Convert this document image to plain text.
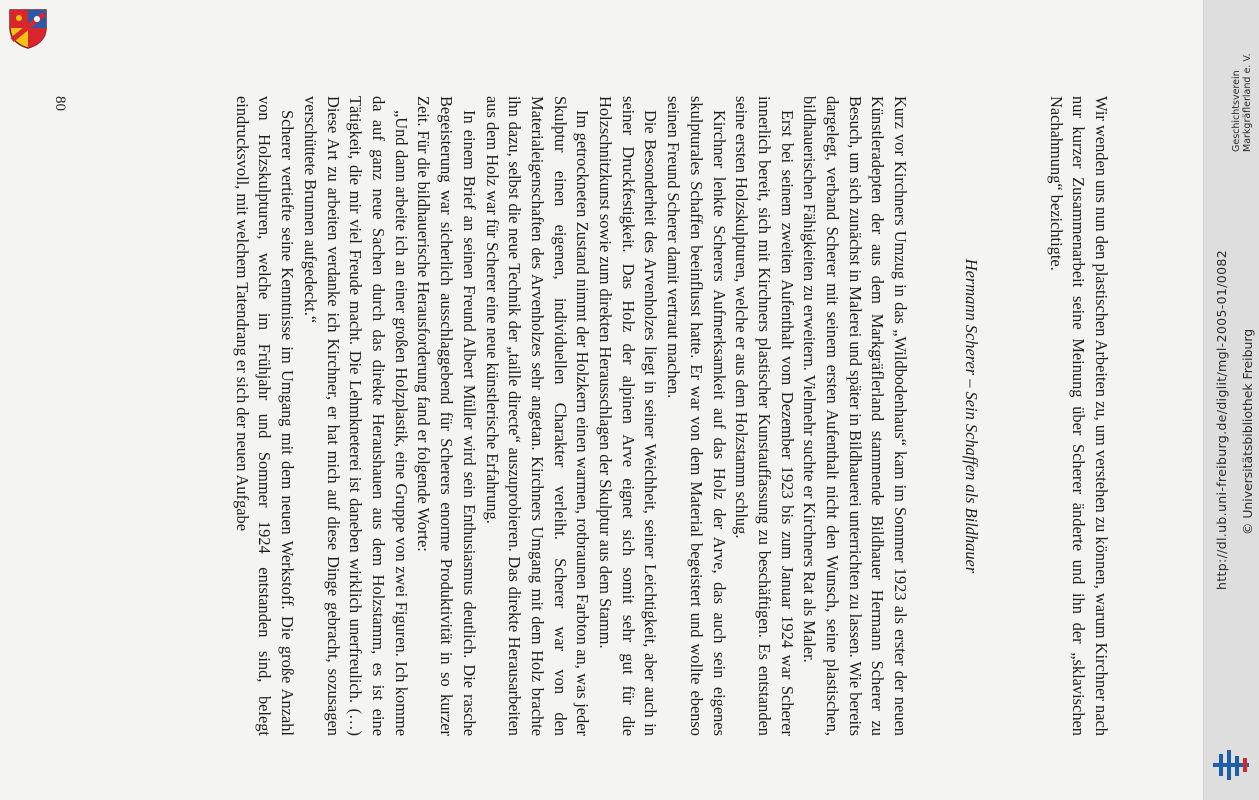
Wir wenden uns nun den plastischen Arbeiten zu, um verstehen zu können, warum Kirchner nach nur kurzer Zusammenarbeit seine Meinung über Scherer änderte und ihn der „sklavischen Nachahmung“ bezichtigte.

Hermann Scherer – Sein Schaffen als Bildhauer

Kurz vor Kirchners Umzug in das „Wildbodenhaus“ kam im Sommer 1923 als erster der neuen Künstleradepten der aus dem Markgräflerland stammende Bildhauer Hermann Scherer zu Besuch, um sich zunächst in Malerei und später in Bildhauerei unterrichten zu lassen. Wie bereits dargelegt, verband Scherer mit seinem ersten Aufenthalt nicht den Wunsch, seine plastischen, bildhauerischen Fähigkeiten zu erweitern. Vielmehr suchte er Kirchners Rat als Maler.

Erst bei seinem zweiten Aufenthalt vom Dezember 1923 bis zum Januar 1924 war Scherer innerlich bereit, sich mit Kirchners plastischer Kunstauffassung zu beschäftigen. Es entstanden seine ersten Holzskulpturen, welche er aus dem Holzstamm schlug.

Kirchner lenkte Scherers Aufmerksamkeit auf das Holz der Arve, das auch sein eigenes skulpturales Schaffen beeinflusst hatte. Er war von dem Material begeistert und wollte ebenso seinen Freund Scherer damit vertraut machen.

Die Besonderheit des Arvenholzes liegt in seiner Weichheit, seiner Leichtigkeit, aber auch in seiner Druckfestigkeit. Das Holz der alpinen Arve eignet sich somit sehr gut für die Holzschnitzkunst sowie zum direkten Herausschlagen der Skulptur aus dem Stamm.

Im getrockneten Zustand nimmt der Holzkern einen warmen, rotbraunen Farbton an, was jeder Skulptur einen eigenen, individuellen Charakter verleiht. Scherer war von den Materialeigenschaften des Arvenholzes sehr angetan. Kirchners Umgang mit dem Holz brachte ihn dazu, selbst die neue Technik der „taille directe“ auszuprobieren. Das direkte Herausarbeiten aus dem Holz war für Scherer eine neue künstlerische Erfahrung.

In einem Brief an seinen Freund Albert Müller wird sein Enthusiasmus deutlich. Die rasche Begeisterung war sicherlich ausschlaggebend für Scherers enorme Produktivität in so kurzer Zeit. Für die bildhauerische Herausforderung fand er folgende Worte:

„Und dann arbeite ich an einer großen Holzplastik, eine Gruppe von zwei Figuren. Ich komme da auf ganz neue Sachen durch das direkte Heraushauen aus dem Holzstamm, es ist eine Tätigkeit, die mir viel Freude macht. Die Lehmkneterei ist daneben wirklich unerfreulich. (…) Diese Art zu arbeiten verdanke ich Kirchner, er hat mich auf diese Dinge gebracht, sozusagen verschüttete Brunnen aufgedeckt.“

Scherer vertiefte seine Kenntnisse im Umgang mit dem neuen Werkstoff. Die große Anzahl von Holzskulpturen, welche im Frühjahr und Sommer 1924 entstanden sind, belegt eindrucksvoll, mit welchem Tatendrang er sich der neuen Aufgabe

80	Geschichtsverein Markgräflerland e. V.
http://dl.ub.uni-freiburg.de/diglit/mgl-2005-01/0082 © Universitätsbibliothek Freiburg
